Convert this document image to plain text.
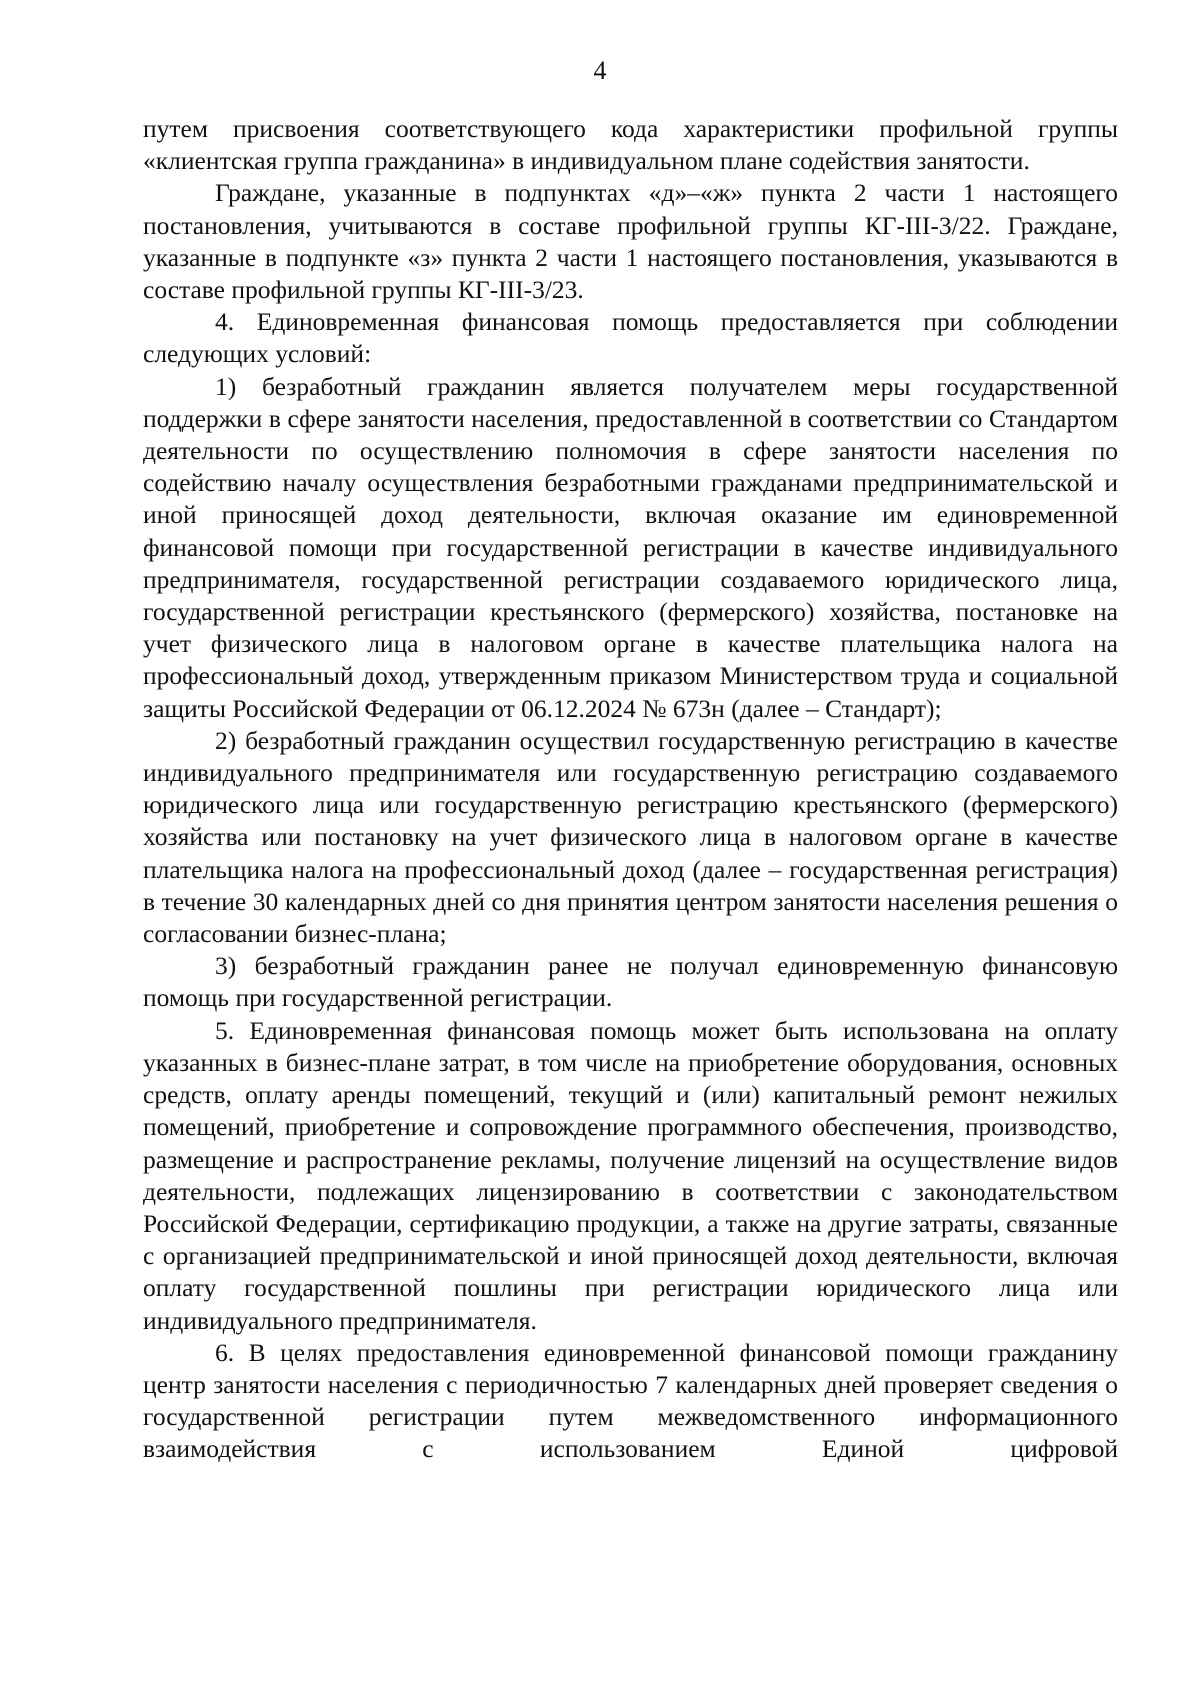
4

путем присвоения соответствующего кода характеристики профильной группы «клиентская группа гражданина» в индивидуальном плане содействия занятости.

Граждане, указанные в подпунктах «д»–«ж» пункта 2 части 1 настоящего постановления, учитываются в составе профильной группы КГ-III-3/22. Граждане, указанные в подпункте «з» пункта 2 части 1 настоящего постановления, указываются в составе профильной группы КГ-III-3/23.

4. Единовременная финансовая помощь предоставляется при соблюдении следующих условий:

1) безработный гражданин является получателем меры государственной поддержки в сфере занятости населения, предоставленной в соответствии со Стандартом деятельности по осуществлению полномочия в сфере занятости населения по содействию началу осуществления безработными гражданами предпринимательской и иной приносящей доход деятельности, включая оказание им единовременной финансовой помощи при государственной регистрации в качестве индивидуального предпринимателя, государственной регистрации создаваемого юридического лица, государственной регистрации крестьянского (фермерского) хозяйства, постановке на учет физического лица в налоговом органе в качестве плательщика налога на профессиональный доход, утвержденным приказом Министерством труда и социальной защиты Российской Федерации от 06.12.2024 № 673н (далее – Стандарт);

2) безработный гражданин осуществил государственную регистрацию в качестве индивидуального предпринимателя или государственную регистрацию создаваемого юридического лица или государственную регистрацию крестьянского (фермерского) хозяйства или постановку на учет физического лица в налоговом органе в качестве плательщика налога на профессиональный доход (далее – государственная регистрация) в течение 30 календарных дней со дня принятия центром занятости населения решения о согласовании бизнес-плана;

3) безработный гражданин ранее не получал единовременную финансовую помощь при государственной регистрации.

5. Единовременная финансовая помощь может быть использована на оплату указанных в бизнес-плане затрат, в том числе на приобретение оборудования, основных средств, оплату аренды помещений, текущий и (или) капитальный ремонт нежилых помещений, приобретение и сопровождение программного обеспечения, производство, размещение и распространение рекламы, получение лицензий на осуществление видов деятельности, подлежащих лицензированию в соответствии с законодательством Российской Федерации, сертификацию продукции, а также на другие затраты, связанные с организацией предпринимательской и иной приносящей доход деятельности, включая оплату государственной пошлины при регистрации юридического лица или индивидуального предпринимателя.

6. В целях предоставления единовременной финансовой помощи гражданину центр занятости населения с периодичностью 7 календарных дней проверяет сведения о государственной регистрации путем межведомственного информационного взаимодействия с использованием Единой цифровой
